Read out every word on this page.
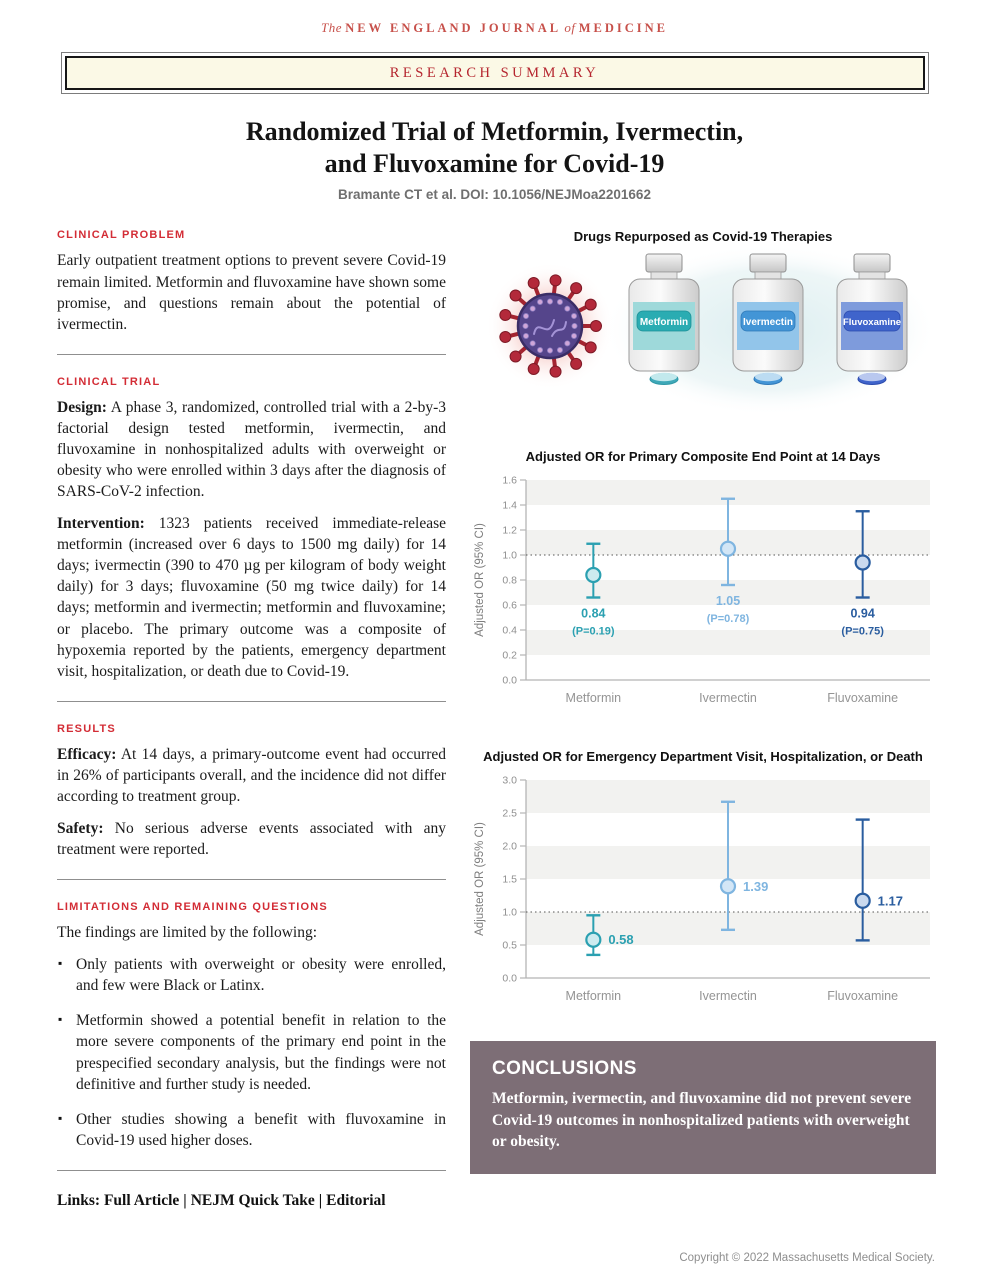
The NEW ENGLAND JOURNAL of MEDICINE
RESEARCH SUMMARY
Randomized Trial of Metformin, Ivermectin,
and Fluvoxamine for Covid-19
Bramante CT et al. DOI: 10.1056/NEJMoa2201662
CLINICAL PROBLEM

Early outpatient treatment options to prevent severe Covid-19 remain limited. Metformin and fluvoxamine have shown some promise, and questions remain about the potential of ivermectin.

CLINICAL TRIAL

Design: A phase 3, randomized, controlled trial with a 2-by-3 factorial design tested metformin, ivermectin, and fluvoxamine in nonhospitalized adults with overweight or obesity who were enrolled within 3 days after the diagnosis of SARS-CoV-2 infection.

Intervention: 1323 patients received immediate-release metformin (increased over 6 days to 1500 mg daily) for 14 days; ivermectin (390 to 470 µg per kilogram of body weight daily) for 3 days; fluvoxamine (50 mg twice daily) for 14 days; metformin and ivermectin; metformin and fluvoxamine; or placebo. The primary outcome was a composite of hypoxemia reported by the patients, emergency department visit, hospitalization, or death due to Covid-19.

RESULTS

Efficacy: At 14 days, a primary-outcome event had occurred in 26% of participants overall, and the incidence did not differ according to treatment group.

Safety: No serious adverse events associated with any treatment were reported.

LIMITATIONS AND REMAINING QUESTIONS

The findings are limited by the following:

▪ Only patients with overweight or obesity were enrolled, and few were Black or Latinx.
▪ Metformin showed a potential benefit in relation to the more severe components of the primary end point in the prespecified secondary analysis, but the findings were not definitive and further study is needed.
▪ Other studies showing a benefit with fluvoxamine in Covid-19 used higher doses.
Links: Full Article | NEJM Quick Take | Editorial
Drugs Repurposed as Covid-19 Therapies
Metformin	Ivermectin	Fluvoxamine
Adjusted OR for Primary Composite End Point at 14 Days
0.0
0.2
0.4
0.6
0.8
1.0
1.2
1.4
1.6
Adjusted OR (95% CI)	0.84
(P=0.19)
Metformin
1.05
(P=0.78)
Ivermectin
0.94
(P=0.75)
Fluvoxamine
Adjusted OR for Emergency Department Visit, Hospitalization, or Death
0.0
0.5
1.0
1.5
2.0
2.5
3.0
Adjusted OR (95% CI)
0.58
Metformin
1.39
Ivermectin
1.17
Fluvoxamine
CONCLUSIONS

Metformin, ivermectin, and fluvoxamine did not prevent severe Covid-19 outcomes in nonhospitalized patients with overweight or obesity.

Copyright © 2022 Massachusetts Medical Society.
